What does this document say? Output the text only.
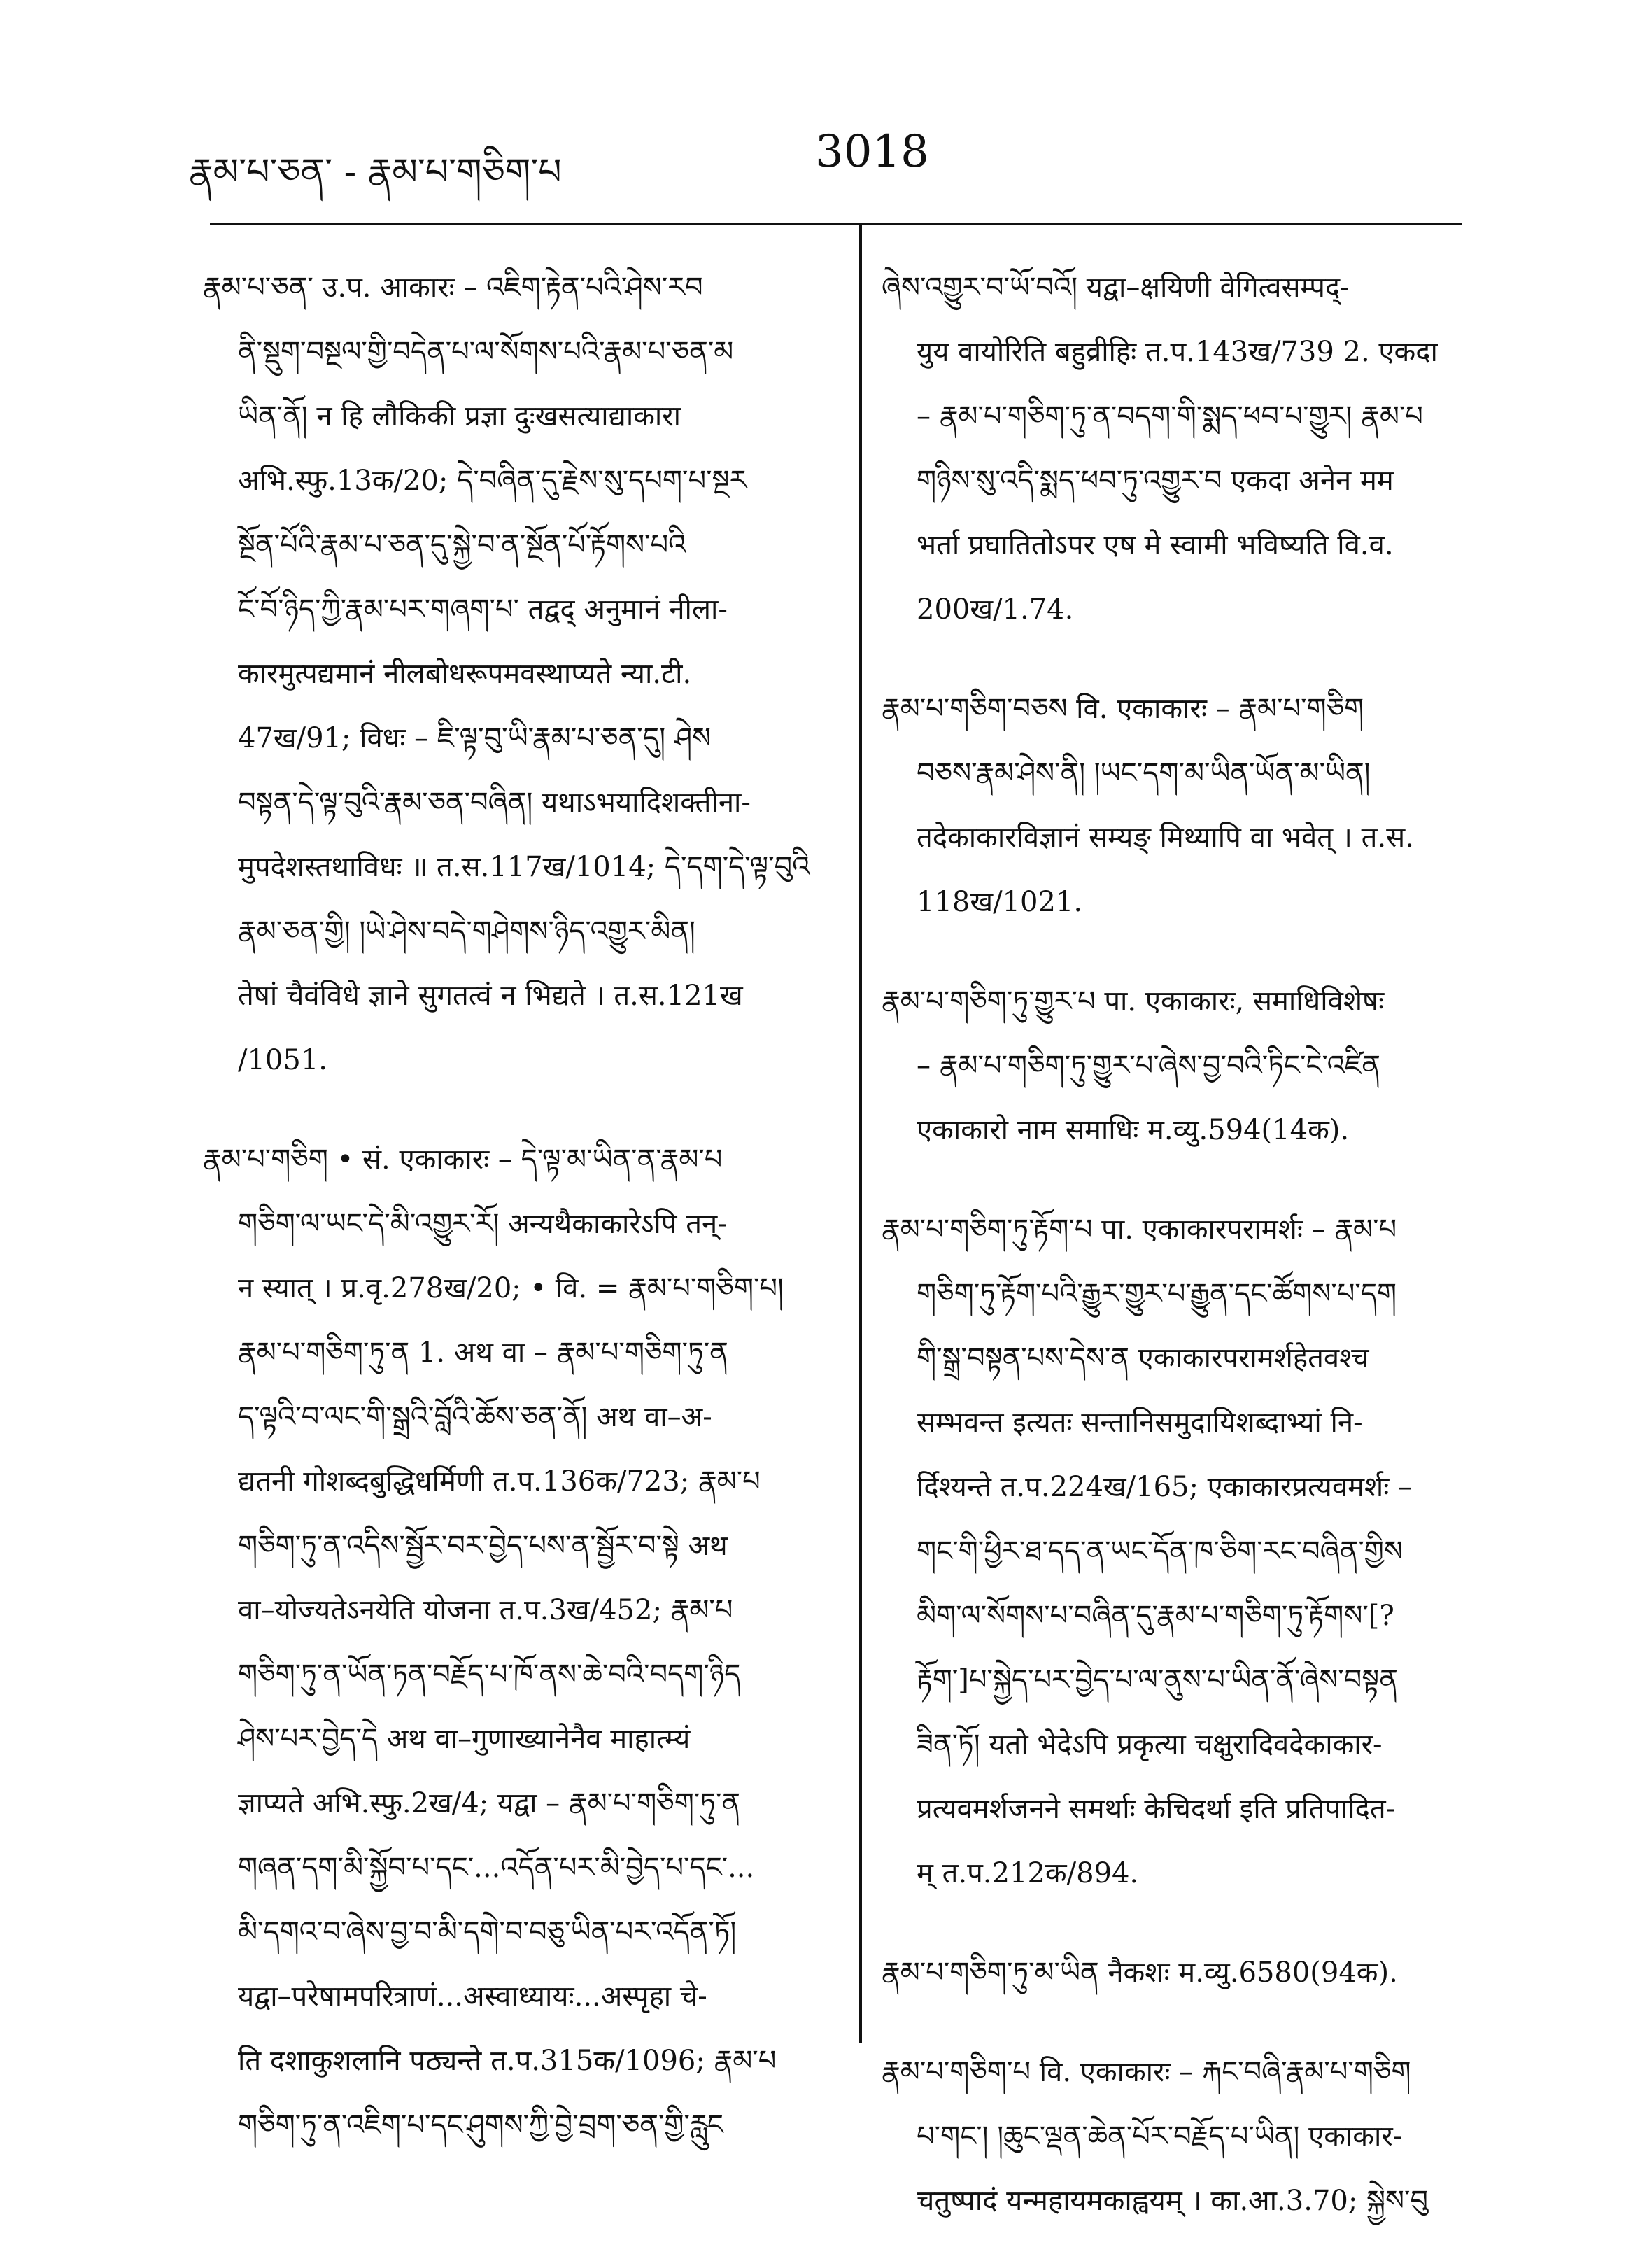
རྣམ་པ་ཅན་ - རྣམ་པ་གཅིག་པ	3018
རྣམ་པ་ཅན་ उ.प. आकारः – འཇིག་རྟེན་པའི་ཤེས་རབ
ནི་སྡུག་བསྔལ་གྱི་བདེན་པ་ལ་སོགས་པའི་རྣམ་པ་ཅན་མ
ཡིན་ནོ། न हि लौकिकी प्रज्ञा दुःखसत्याद्याकारा
अभि.स्फु.13क/20; དེ་བཞིན་དུ་རྗེས་སུ་དཔག་པ་སྔར
སྔོན་པོའི་རྣམ་པ་ཅན་དུ་སྐྱེ་བ་ན་སྔོན་པོ་རྟོགས་པའི
ངོ་བོ་ཉིད་ཀྱི་རྣམ་པར་གཞག་པ་ तद्वद् अनुमानं नीला-
कारमुत्पद्यमानं नीलबोधरूपमवस्थाप्यते न्या.टी.
47ख/91; विधः – ཇི་ལྟ་བུ་ཡི་རྣམ་པ་ཅན་དུ། ཤེས
བསྟན་དེ་ལྟ་བུའི་རྣམ་ཅན་བཞིན། यथाऽभयादिशक्तीना-
मुपदेशस्तथाविधः ॥ त.स.117ख/1014; དེ་དག་དེ་ལྟ་བུའི
རྣམ་ཅན་གྱི། །ཡེ་ཤེས་བདེ་གཤེགས་ཉིད་འགྱུར་མིན།
तेषां चैवंविधे ज्ञाने सुगतत्वं न भिद्यते । त.स.121ख
/1051.
རྣམ་པ་གཅིག • सं. एकाकारः – དེ་ལྟ་མ་ཡིན་ན་རྣམ་པ
གཅིག་ལ་ཡང་དེ་མི་འགྱུར་རོ། अन्यथैकाकारेऽपि तन्-
न स्यात् । प्र.वृ.278ख/20; • वि. = རྣམ་པ་གཅིག་པ།
རྣམ་པ་གཅིག་ཏུ་ན 1. अथ वा – རྣམ་པ་གཅིག་ཏུ་ན
ད་ལྟའི་བ་ལང་གི་སྒྲའི་བློའི་ཆོས་ཅན་ནོ། अथ वा–अ-
द्यतनी गोशब्दबुद्धिधर्मिणी त.प.136क/723; རྣམ་པ
གཅིག་ཏུ་ན་འདིས་སྦྱོར་བར་བྱེད་པས་ན་སྦྱོར་བ་སྟེ अथ
वा–योज्यतेऽनयेति योजना त.प.3ख/452; རྣམ་པ
གཅིག་ཏུ་ན་ཡོན་ཏན་བརྗོད་པ་ཁོ་ནས་ཆེ་བའི་བདག་ཉིད
ཤེས་པར་བྱེད་དེ अथ वा–गुणाख्यानेनैव माहात्म्यं
ज्ञाप्यते अभि.स्फु.2ख/4; यद्वा – རྣམ་པ་གཅིག་ཏུ་ན
གཞན་དག་མི་སྐྱོབ་པ་དང་...འདོན་པར་མི་བྱེད་པ་དང་...
མི་དགའ་བ་ཞེས་བྱ་བ་མི་དགེ་བ་བཅུ་ཡིན་པར་འདོན་ཏོ།
यद्वा–परेषामपरित्राणं...अस्वाध्यायः...अस्पृहा चे-
ति दशाकुशलानि पठ्यन्ते त.प.315क/1096; རྣམ་པ
གཅིག་ཏུ་ན་འཇིག་པ་དང་ཤུགས་ཀྱི་བྱེ་བྲག་ཅན་གྱི་རླུང
ཞེས་འགྱུར་བ་ཡོ་བའོ། यद्वा–क्षयिणी वेगित्वसम्पद्-
युय वायोरिति बहुव्रीहिः त.प.143ख/739 2. एकदा
– རྣམ་པ་གཅིག་ཏུ་ན་བདག་གི་སྨད་ཕབ་པ་གྱུར། རྣམ་པ
གཉིས་སུ་འདི་སྨད་ཕབ་ཏུ་འགྱུར་བ एकदा अनेन मम
भर्ता प्रघातितोऽपर एष मे स्वामी भविष्यति वि.व.
200ख/1.74.
རྣམ་པ་གཅིག་བཅས वि. एकाकारः – རྣམ་པ་གཅིག
བཅས་རྣམ་ཤེས་ནི། །ཡང་དག་མ་ཡིན་ཡོན་མ་ཡིན།
तदेकाकारविज्ञानं सम्यङ् मिथ्यापि वा भवेत् । त.स.
118ख/1021.
རྣམ་པ་གཅིག་ཏུ་གྱུར་པ पा. एकाकारः, समाधिविशेषः
– རྣམ་པ་གཅིག་ཏུ་གྱུར་པ་ཞེས་བྱ་བའི་ཏིང་ངེ་འཛིན
एकाकारो नाम समाधिः म.व्यु.594(14क).
རྣམ་པ་གཅིག་ཏུ་རྟོག་པ पा. एकाकारपरामर्शः – རྣམ་པ
གཅིག་ཏུ་རྟོག་པའི་རྒྱུར་གྱུར་པ་རྒྱུན་དང་ཚོགས་པ་དག
གི་སྒྲ་བསྟན་པས་དེས་ན एकाकारपरामर्शहेतवश्च
सम्भवन्त इत्यतः सन्तानिसमुदायिशब्दाभ्यां नि-
र्दिश्यन्ते त.प.224ख/165; एकाकारप्रत्यवमर्शः –
གང་གི་ཕྱིར་ཐ་དད་ན་ཡང་དོན་ཁ་ཅིག་རང་བཞིན་གྱིས
མིག་ལ་སོགས་པ་བཞིན་དུ་རྣམ་པ་གཅིག་ཏུ་རྟོགས་[?
རྟོག་]པ་སྐྱེད་པར་བྱེད་པ་ལ་ནུས་པ་ཡིན་ནོ་ཞེས་བསྟན
ཟིན་ཏོ། यतो भेदेऽपि प्रकृत्या चक्षुरादिवदेकाकार-
प्रत्यवमर्शजनने समर्थाः केचिदर्था इति प्रतिपादित-
म् त.प.212क/894.
རྣམ་པ་གཅིག་ཏུ་མ་ཡིན नैकशः म.व्यु.6580(94क).
རྣམ་པ་གཅིག་པ वि. एकाकारः – རྐང་བཞི་རྣམ་པ་གཅིག
པ་གང་། །ཆུང་ལྡན་ཆེན་པོར་བརྗོད་པ་ཡིན། एकाकार-
चतुष्पादं यन्महायमकाह्वयम् । का.आ.3.70; སྐྱེས་བུ
